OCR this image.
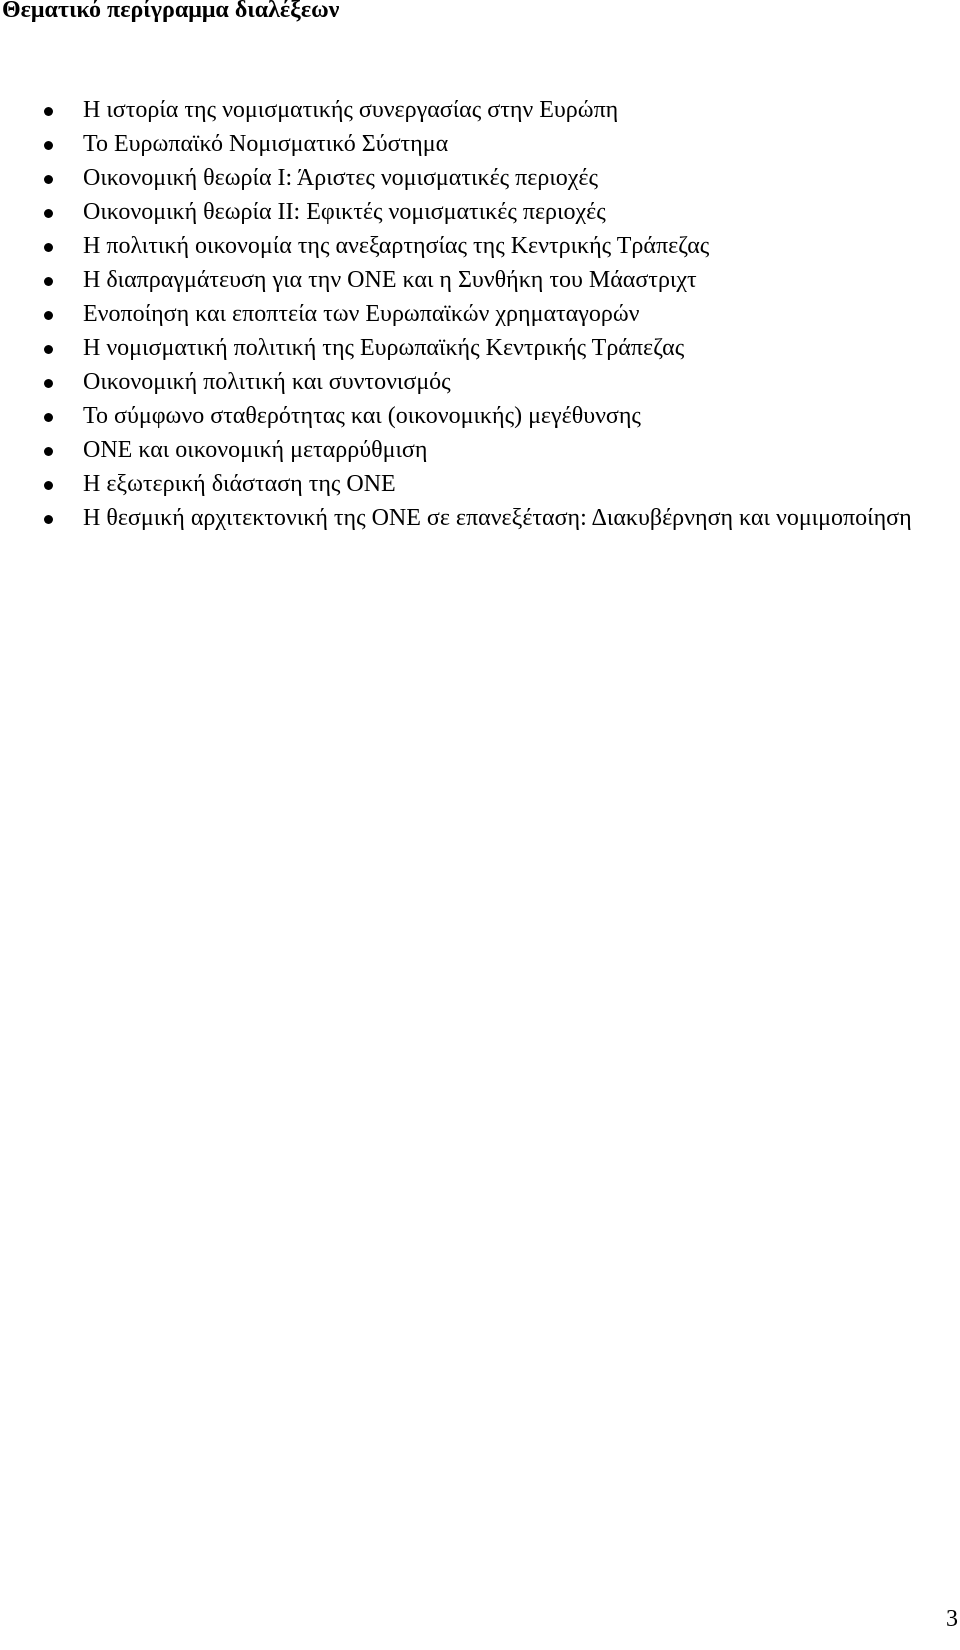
Θεματικό περίγραμμα διαλέξεων
Η ιστορία της νομισματικής συνεργασίας στην Ευρώπη
Το Ευρωπαϊκό Νομισματικό Σύστημα
Οικονομική θεωρία Ι: Άριστες νομισματικές περιοχές
Οικονομική θεωρία ΙΙ: Εφικτές νομισματικές περιοχές
Η πολιτική οικονομία της ανεξαρτησίας της Κεντρικής Τράπεζας
Η διαπραγμάτευση για την ΟΝΕ και η Συνθήκη του Μάαστριχτ
Ενοποίηση και εποπτεία των Ευρωπαϊκών χρηματαγορών
Η νομισματική πολιτική της Ευρωπαϊκής Κεντρικής Τράπεζας
Οικονομική πολιτική και συντονισμός
Το σύμφωνο σταθερότητας και (οικονομικής) μεγέθυνσης
ΟΝΕ και οικονομική μεταρρύθμιση
Η εξωτερική διάσταση της ΟΝΕ
Η θεσμική αρχιτεκτονική της ΟΝΕ σε επανεξέταση: Διακυβέρνηση και νομιμοποίηση
3
